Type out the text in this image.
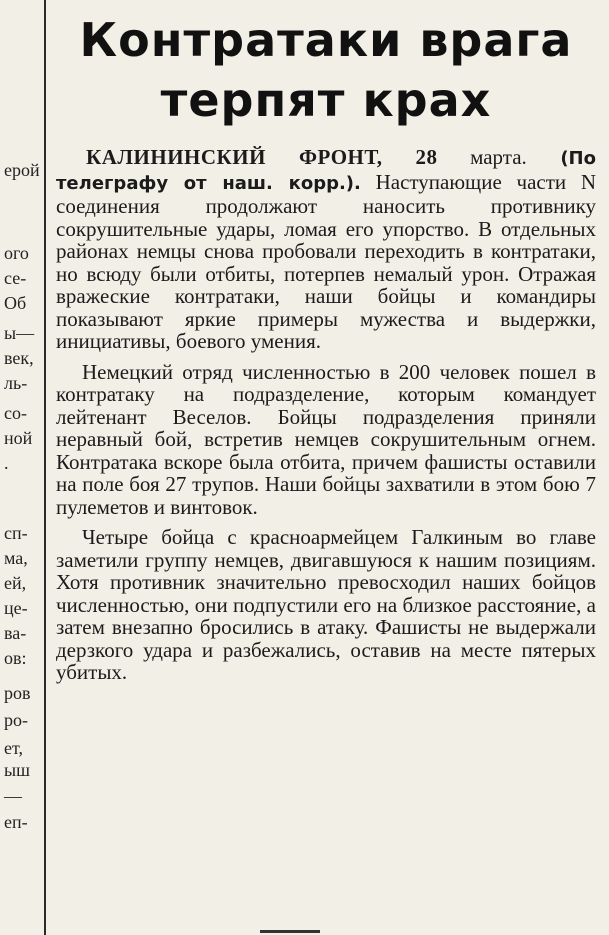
ерой
ого
се-
Об
ы—
век,
ль-
со-
ной
.
сп-
ма,
ей,
це-
ва-
ов:
ров
ро-
ет,
ыш
—
еп-
Контратаки врага
терпят крах

КАЛИНИНСКИЙ ФРОНТ, 28 марта. (По телеграфу от наш. корр.). Наступающие части N соединения продолжают наносить противнику сокрушительные удары, ломая его упорство. В отдельных районах немцы снова пробовали переходить в контратаки, но всюду были отбиты, потерпев немалый урон. Отражая вражеские контратаки, наши бойцы и командиры показывают яркие примеры мужества и выдержки, инициативы, боевого умения.

Немецкий отряд численностью в 200 человек пошел в контратаку на подразделение, которым командует лейтенант Веселов. Бойцы подразделения приняли неравный бой, встретив немцев сокрушительным огнем. Контратака вскоре была отбита, причем фашисты оставили на поле боя 27 трупов. Наши бойцы захватили в этом бою 7 пулеметов и винтовок.

Четыре бойца с красноармейцем Галкиным во главе заметили группу немцев, двигавшуюся к нашим позициям. Хотя противник значительно превосходил наших бойцов численностью, они подпустили его на близкое расстояние, а затем внезапно бросились в атаку. Фашисты не выдержали дерзкого удара и разбежались, оставив на месте пятерых убитых.
